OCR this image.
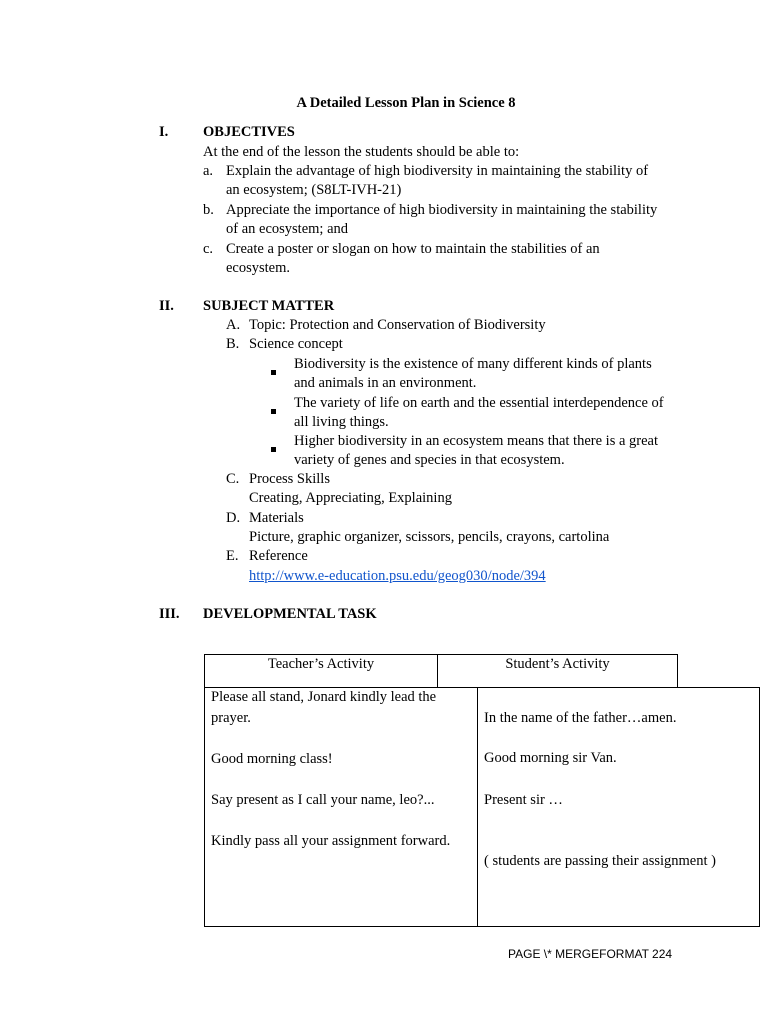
A Detailed Lesson Plan in Science 8
I. OBJECTIVES
At the end of the lesson the students should be able to:
a. Explain the advantage of high biodiversity in maintaining the stability of
an ecosystem; (S8LT-IVH-21)
b. Appreciate the importance of high biodiversity in maintaining the stability
of an ecosystem; and
c. Create a poster or slogan on how to maintain the stabilities of an
ecosystem.
II. SUBJECT MATTER
A. Topic: Protection and Conservation of Biodiversity
B. Science concept
Biodiversity is the existence of many different kinds of plants
and animals in an environment.
The variety of life on earth and the essential interdependence of
all living things.
Higher biodiversity in an ecosystem means that there is a great
variety of genes and species in that ecosystem.
C. Process Skills
Creating, Appreciating, Explaining
D. Materials
Picture, graphic organizer, scissors, pencils, crayons, cartolina
E. Reference
http://www.e-education.psu.edu/geog030/node/394
III. DEVELOPMENTAL TASK
Teacher’s Activity	Student’s Activity
Please all stand, Jonard kindly lead the
prayer.
Good morning class!
Say present as I call your name, leo?...
Kindly pass all your assignment forward.
In the name of the father…amen.
Good morning sir Van.
Present sir …
( students are passing their assignment )
PAGE \* MERGEFORMAT 224
